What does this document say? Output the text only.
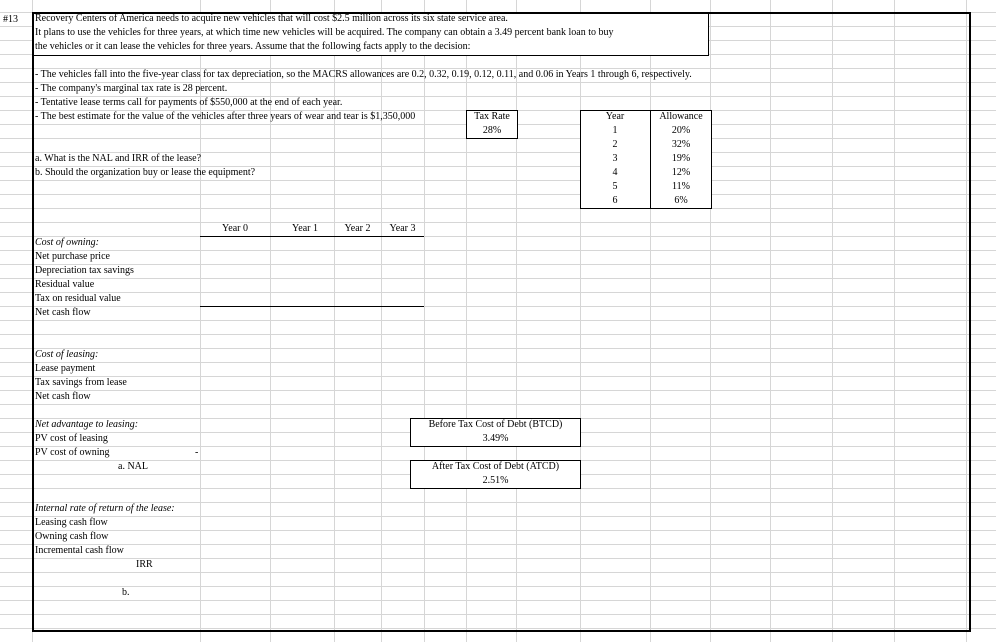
#13 Recovery Centers of America needs to acquire new vehicles that will cost $2.5 million across its six state service area.
It plans to use the vehicles for three years, at which time new vehicles will be acquired. The company can obtain a 3.49 percent bank loan to buy
the vehicles or it can lease the vehicles for three years. Assume that the following facts apply to the decision:
- The vehicles fall into the five-year class for tax depreciation, so the MACRS allowances are 0.2, 0.32, 0.19, 0.12, 0.11, and 0.06 in Years 1 through 6, respectively.
- The company's marginal tax rate is 28 percent.
- Tentative lease terms call for payments of $550,000 at the end of each year.
- The best estimate for the value of the vehicles after three years of wear and tear is $1,350,000	Tax Rate
28%
a. What is the NAL and IRR of the lease?
b. Should the organization buy or lease the equipment?
Year	Allowance
1	20%
2	32%
3	19%
4	12%
5	11%
6	6%
Year 0	Year 1	Year 2	Year 3
Cost of owning:
Net purchase price
Depreciation tax savings
Residual value
Tax on residual value
Net cash flow
Cost of leasing:
Lease payment
Tax savings from lease
Net cash flow
Net advantage to leasing:
PV cost of leasing
PV cost of owning	-
a. NAL
Before Tax Cost of Debt (BTCD)
3.49%
After Tax Cost of Debt (ATCD)
2.51%
Internal rate of return of the lease:
Leasing cash flow
Owning cash flow
Incremental cash flow
IRR
b.
